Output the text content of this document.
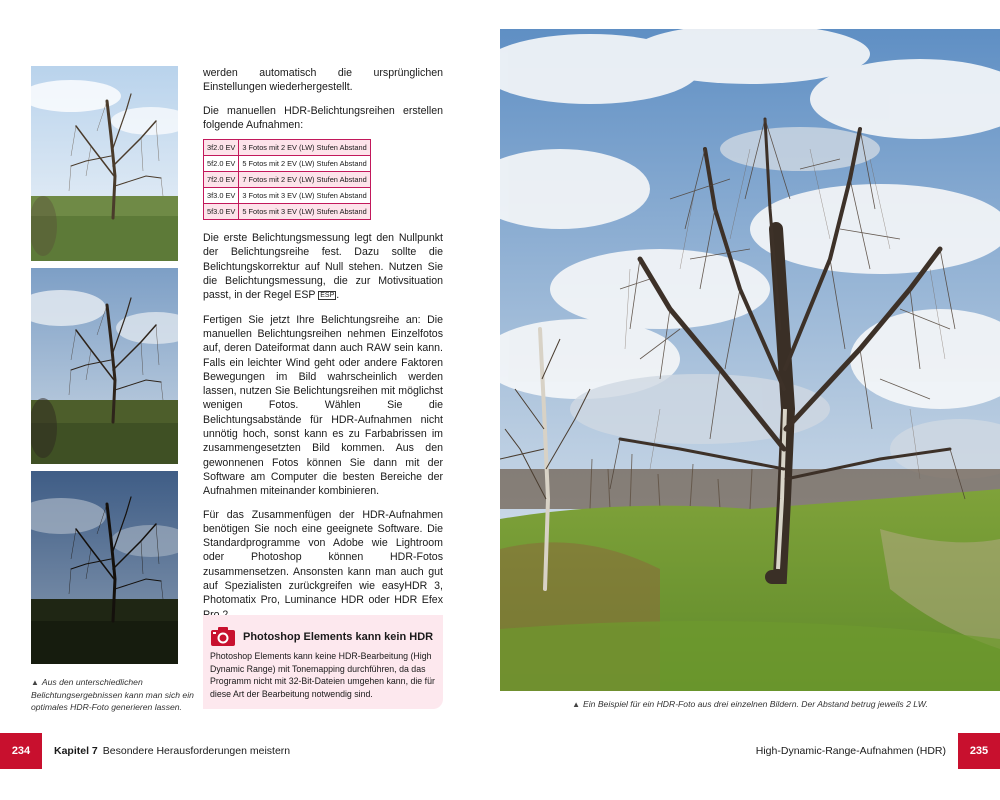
▲ Aus den unterschiedlichen Belichtungsergebnissen kann man sich ein optimales HDR-Foto generieren lassen.

werden automatisch die ursprünglichen Einstellungen wiederhergestellt.

Die manuellen HDR-Belichtungsreihen erstellen folgende Aufnahmen:

3f2.0 EV	3 Fotos mit 2 EV (LW) Stufen Abstand
5f2.0 EV	5 Fotos mit 2 EV (LW) Stufen Abstand
7f2.0 EV	7 Fotos mit 2 EV (LW) Stufen Abstand
3f3.0 EV	3 Fotos mit 3 EV (LW) Stufen Abstand
5f3.0 EV	5 Fotos mit 3 EV (LW) Stufen Abstand

Die erste Belichtungsmessung legt den Nullpunkt der Belichtungsreihe fest. Dazu sollte die Belichtungskorrektur auf Null stehen. Nutzen Sie die Belichtungsmessung, die zur Motivsituation passt, in der Regel ESP ESP .

Fertigen Sie jetzt Ihre Belichtungsreihe an: Die manuellen Belichtungsreihen nehmen Einzelfotos auf, deren Dateiformat dann auch RAW sein kann. Falls ein leichter Wind geht oder andere Faktoren Bewegungen im Bild wahrscheinlich werden lassen, nutzen Sie Belichtungsreihen mit möglichst wenigen Fotos. Wählen Sie die Belichtungsabstände für HDR-Aufnahmen nicht unnötig hoch, sonst kann es zu Farbabrissen im zusammengesetzten Bild kommen. Aus den gewonnenen Fotos können Sie dann mit der Software am Computer die besten Bereiche der Aufnahmen miteinander kombinieren.

Für das Zusammenfügen der HDR-Aufnahmen benötigen Sie noch eine geeignete Software. Die Standardprogramme von Adobe wie Lightroom oder Photoshop können HDR-Fotos zusammensetzen. Ansonsten kann man auch gut auf Spezialisten zurückgreifen wie easyHDR 3, Photomatix Pro, Luminance HDR oder HDR Efex

Photoshop Elements kann kein HDR
Photoshop Elements kann keine HDR-Bearbeitung (High Dynamic Range) mit Tonemapping durchführen, da das Programm nicht mit 32-Bit-Dateien umgehen kann, die für diese Art der Bearbeitung notwendig sind.
▲ Ein Beispiel für ein HDR-Foto aus drei einzelnen Bildern. Der Abstand betrug jeweils 2 LW.
234	Kapitel 7 Besondere Herausforderungen meistern	High-Dynamic-Range-Aufnahmen (HDR)	235
